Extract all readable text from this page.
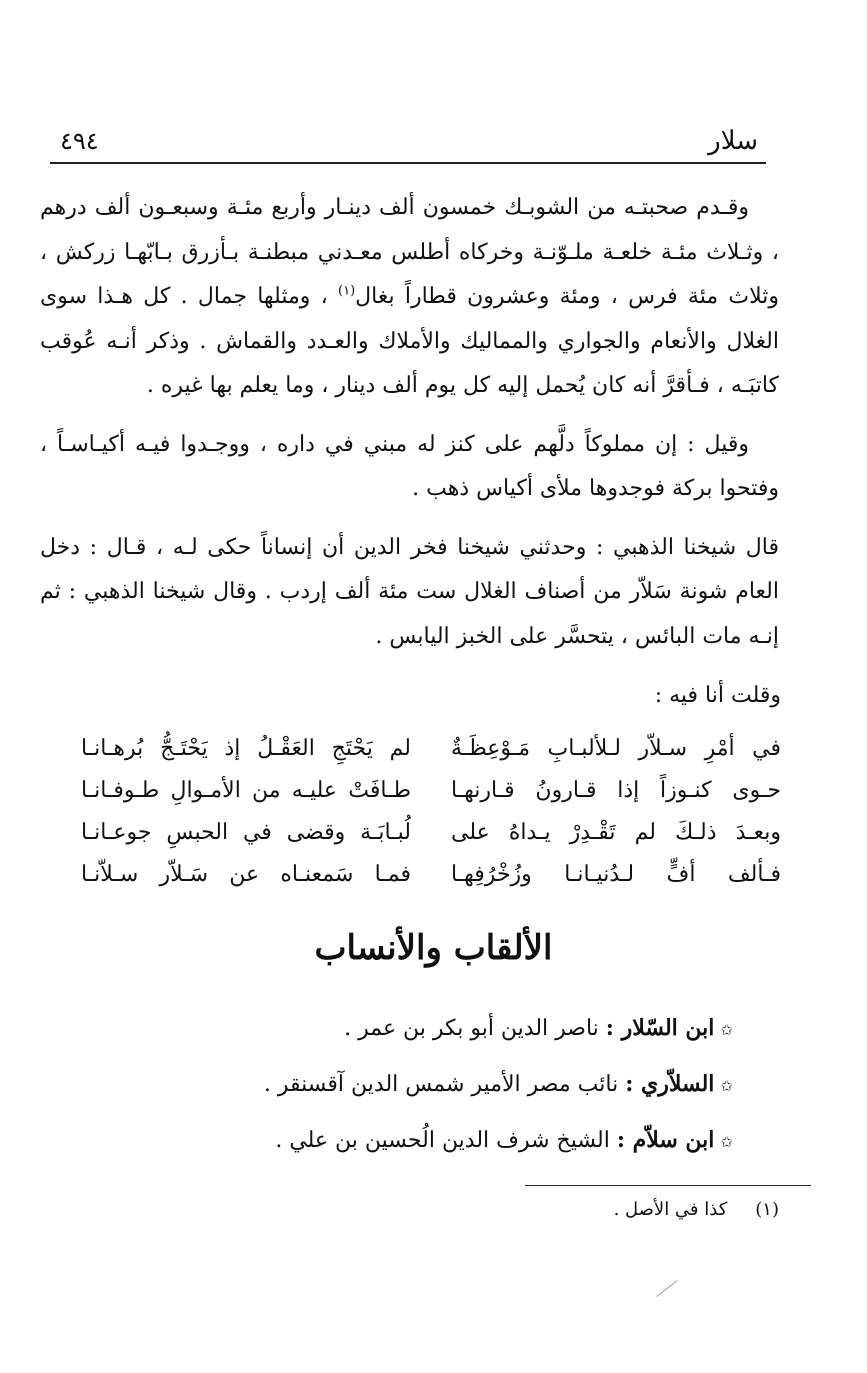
سلار
٤٩٤

وقـدم صحبتـه من الشوبـك خمسون ألف دينـار وأربع مئـة وسبعـون ألف درهم ، وثـلاث مئـة خلعـة ملـوّنـة وخركاه أطلس معـدني مبطنـة بـأزرق بـابّهـا زركش ، وثلاث مئة فرس ، ومئة وعشرون قطاراً بغال$^{(١)}$ ، ومثلها جمال . كل هـذا سوى الغلال والأنعام والجواري والمماليك والأملاك والعـدد والقماش . وذكر أنـه عُوقب كاتبَـه ، فـأقرَّ أنه كان يُحمل إليه كل يوم ألف دينار ، وما يعلم بها غيره .

وقيل : إن مملوكاً دلَّهم على كنز له مبني في داره ، ووجـدوا فيـه أكيـاسـاً ، وفتحوا بركة فوجدوها ملأى أكياس ذهب .

قال شيخنا الذهبي : وحدثني شيخنا فخر الدين أن إنساناً حكى لـه ، قـال : دخل العام شونة سَلاّر من أصناف الغلال ست مئة ألف إردب . وقال شيخنا الذهبي : ثم إنـه مات البائس ، يتحسَّر على الخبز اليابس .

وقلت أنا فيه :
في أمْرِ سـلاّر لـلألبـابِ مَـوْعِظَـةٌ
لم يَحْتَجِ العَقْـلُ إذ يَحْتَـجُّ بُرهـانـا
حـوى كنـوزاً إذا قـارونُ قـارنهـا
طـافَتْ عليـه من الأمـوالِ طـوفـانـا
وبعـدَ ذلـكَ لم تَقْـدِرْ يـداهُ على
لُبـابَـة وقضى في الحبسِ جوعـانـا
فـألف أفٍّ لـدُنيـانـا وزُخْرُفِهـا
فمـا سَمعنـاه عن سَـلاّر سـلاّنـا
الألقاب والأنساب
✩ابن السّلار : ناصر الدين أبو بكر بن عمر .
✩السلاّري : نائب مصر الأمير شمس الدين آقسنقر .
✩ابن سلاّم : الشيخ شرف الدين الُحسين بن علي .
(١)كذا في الأصل .
